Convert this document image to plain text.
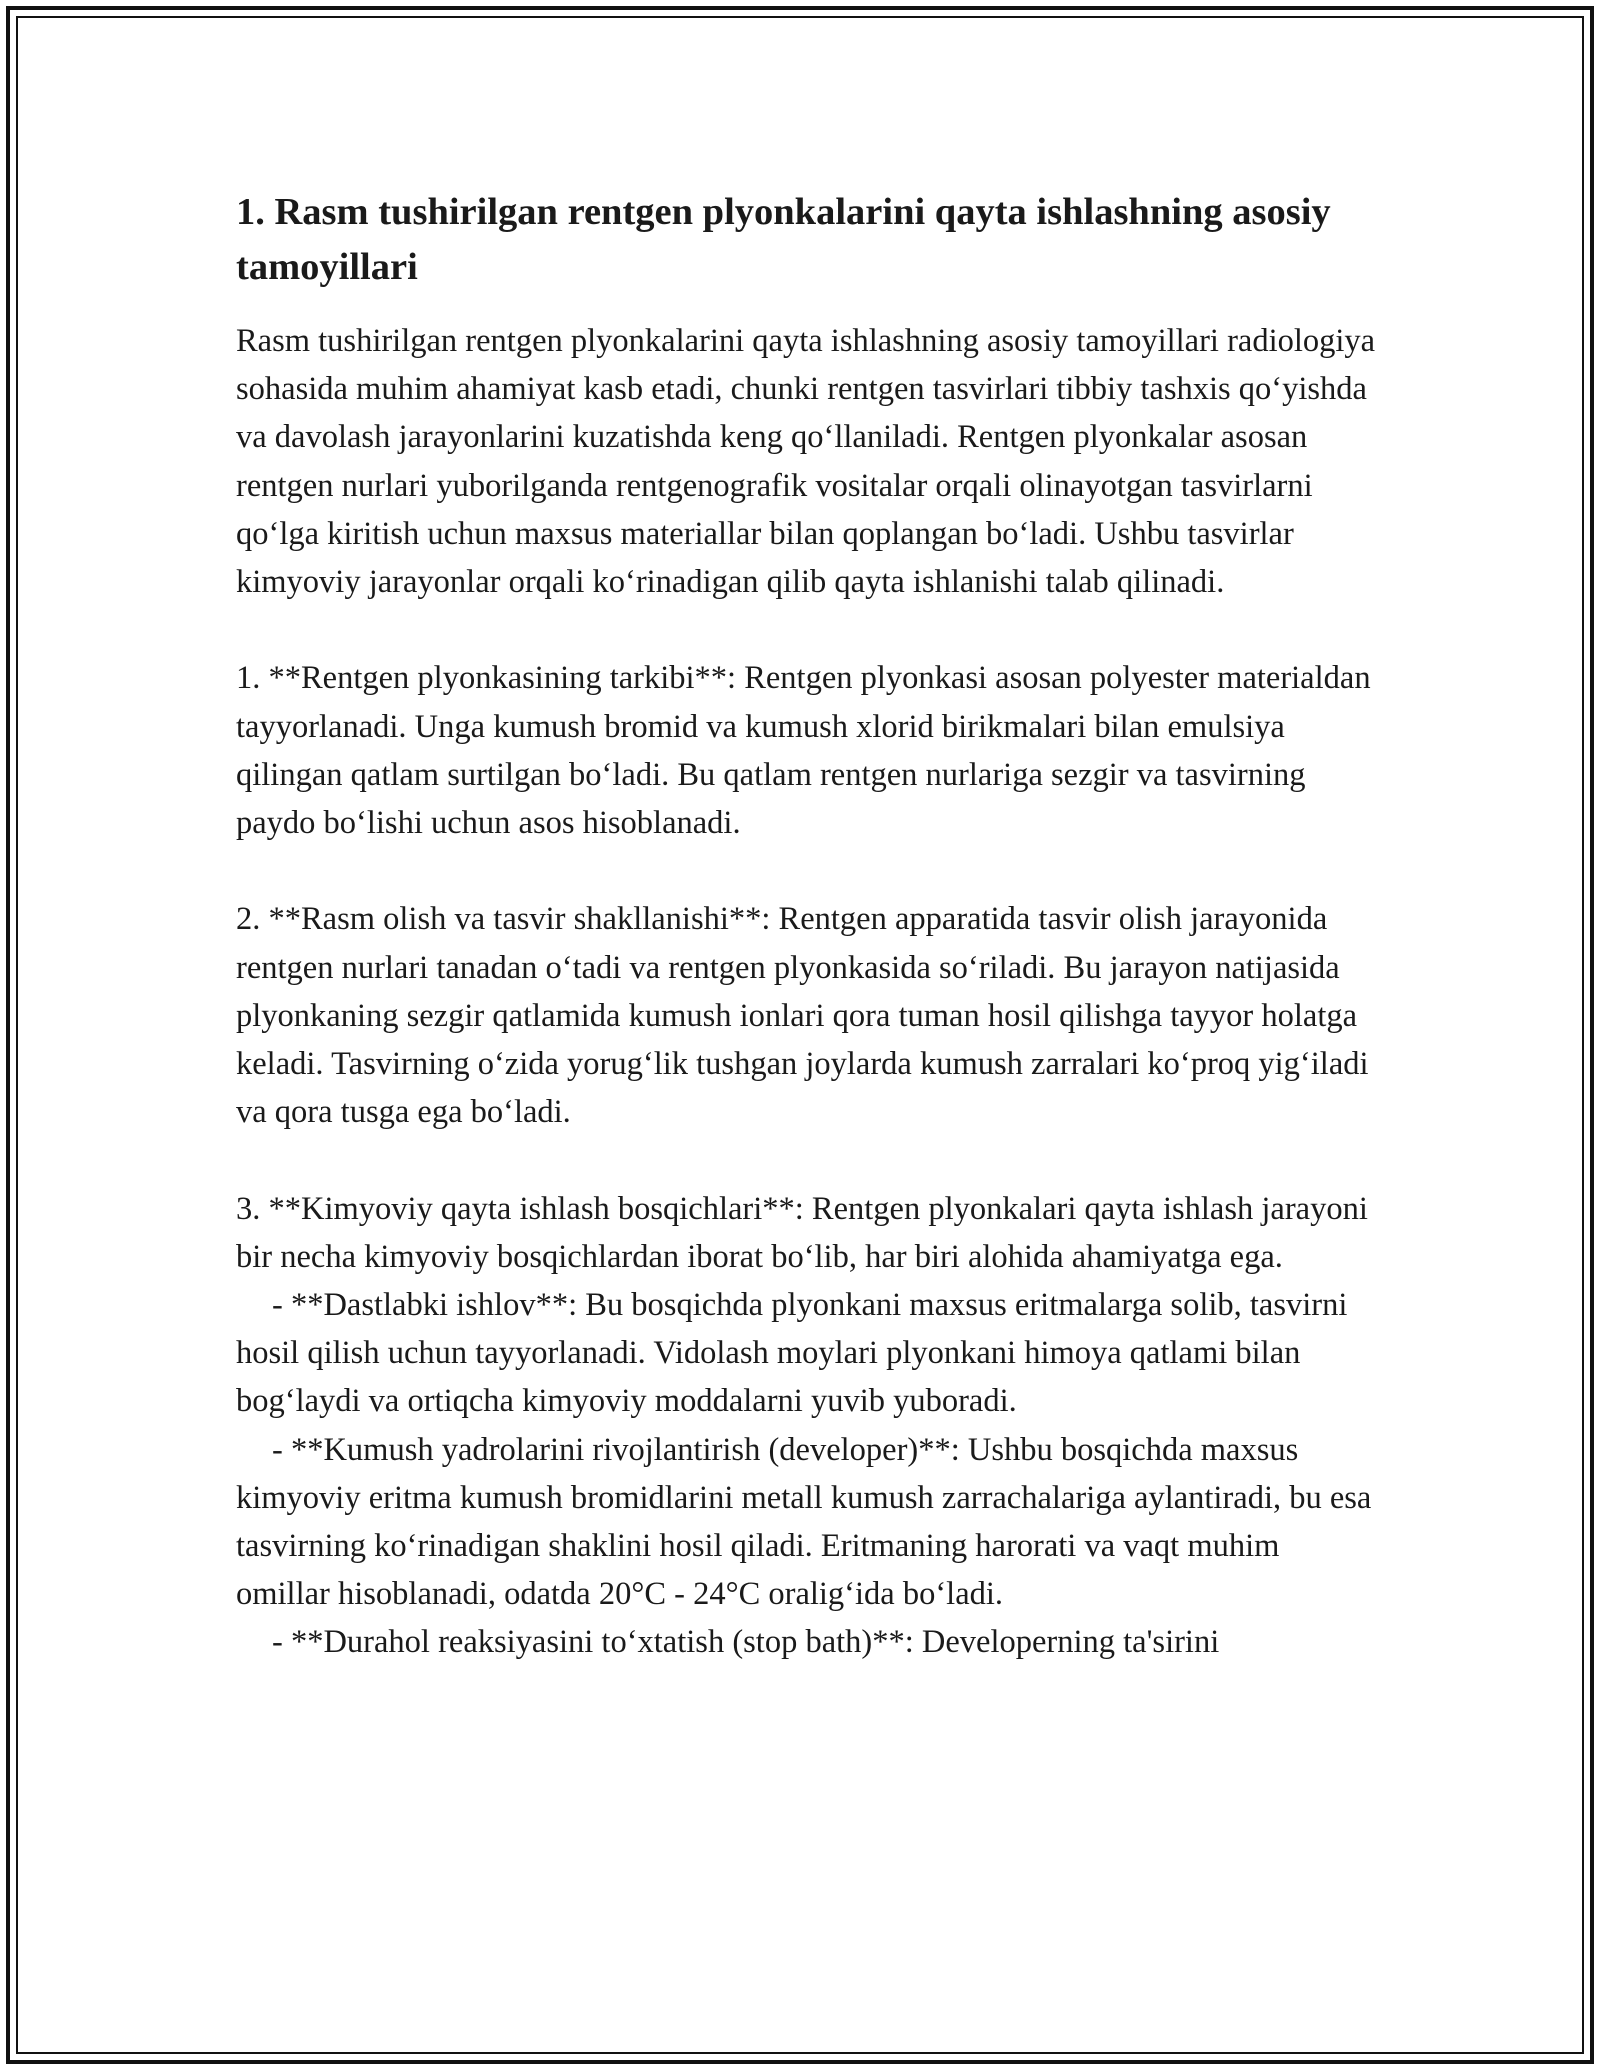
1. Rasm tushirilgan rentgen plyonkalarini qayta ishlashning asosiy tamoyillari

Rasm tushirilgan rentgen plyonkalarini qayta ishlashning asosiy tamoyillari radiologiya sohasida muhim ahamiyat kasb etadi, chunki rentgen tasvirlari tibbiy tashxis qo‘yishda va davolash jarayonlarini kuzatishda keng qo‘llaniladi. Rentgen plyonkalar asosan rentgen nurlari yuborilganda rentgenografik vositalar orqali olinayotgan tasvirlarni qo‘lga kiritish uchun maxsus materiallar bilan qoplangan bo‘ladi. Ushbu tasvirlar kimyoviy jarayonlar orqali ko‘rinadigan qilib qayta ishlanishi talab qilinadi.

1. **Rentgen plyonkasining tarkibi**: Rentgen plyonkasi asosan polyester materialdan tayyorlanadi. Unga kumush bromid va kumush xlorid birikmalari bilan emulsiya qilingan qatlam surtilgan bo‘ladi. Bu qatlam rentgen nurlariga sezgir va tasvirning paydo bo‘lishi uchun asos hisoblanadi.

2. **Rasm olish va tasvir shakllanishi**: Rentgen apparatida tasvir olish jarayonida rentgen nurlari tanadan o‘tadi va rentgen plyonkasida so‘riladi. Bu jarayon natijasida plyonkaning sezgir qatlamida kumush ionlari qora tuman hosil qilishga tayyor holatga keladi. Tasvirning o‘zida yorug‘lik tushgan joylarda kumush zarralari ko‘proq yig‘iladi va qora tusga ega bo‘ladi.

3. **Kimyoviy qayta ishlash bosqichlari**: Rentgen plyonkalari qayta ishlash jarayoni bir necha kimyoviy bosqichlardan iborat bo‘lib, har biri alohida ahamiyatga ega.

- **Dastlabki ishlov**: Bu bosqichda plyonkani maxsus eritmalarga solib, tasvirni hosil qilish uchun tayyorlanadi. Vidolash moylari plyonkani himoya qatlami bilan bog‘laydi va ortiqcha kimyoviy moddalarni yuvib yuboradi.

- **Kumush yadrolarini rivojlantirish (developer)**: Ushbu bosqichda maxsus kimyoviy eritma kumush bromidlarini metall kumush zarrachalariga aylantiradi, bu esa tasvirning ko‘rinadigan shaklini hosil qiladi. Eritmaning harorati va vaqt muhim omillar hisoblanadi, odatda 20°C - 24°C oralig‘ida bo‘ladi.

- **Durahol reaksiyasini to‘xtatish (stop bath)**: Developerning ta'sirini
